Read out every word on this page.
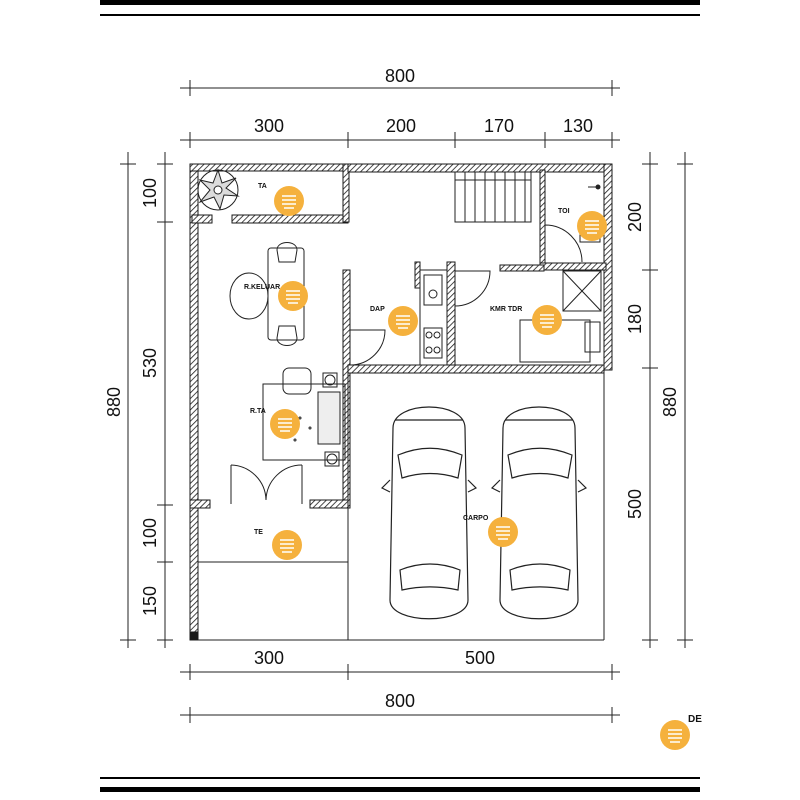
800
300	200	170	130
300	500
800
100
530
100
150
880
200
180
500
880
TA
R.KELUAR
DAP
TOI
KMR TDR
R.TA
TE
CARPO
DE
